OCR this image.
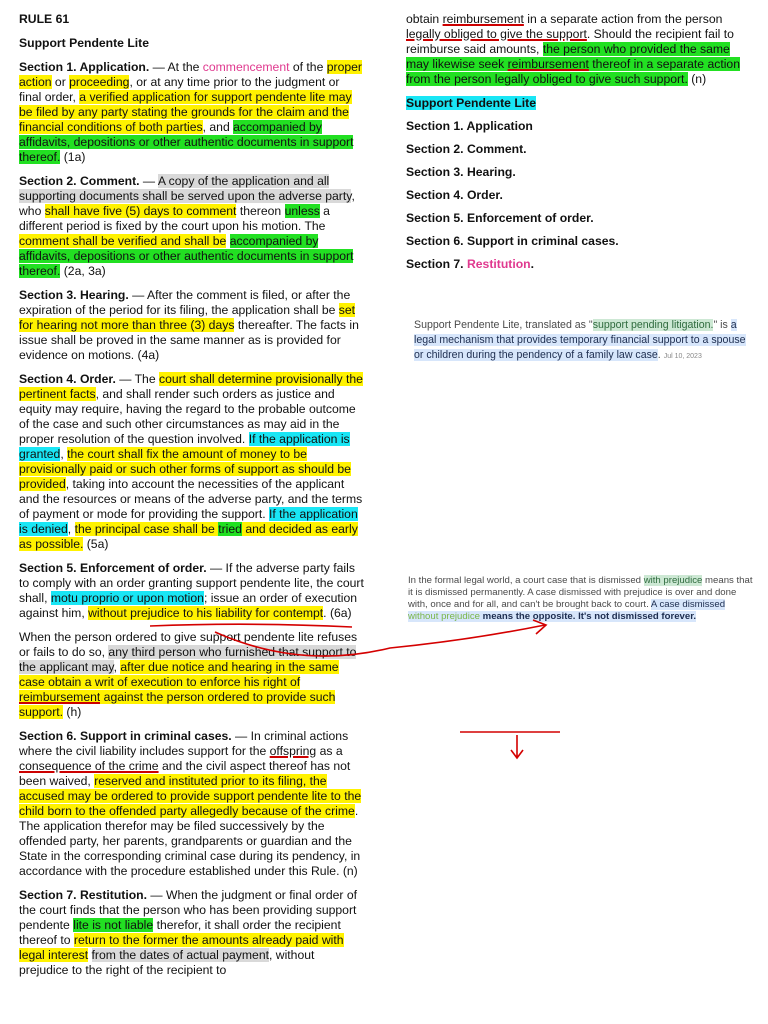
RULE 61

Support Pendente Lite

Section 1. Application. — At the commencement of the proper action or proceeding, or at any time prior to the judgment or final order, a verified application for support pendente lite may be filed by any party stating the grounds for the claim and the financial conditions of both parties, and accompanied by affidavits, depositions or other authentic documents in support thereof. (1a)

Section 2. Comment. — A copy of the application and all supporting documents shall be served upon the adverse party, who shall have five (5) days to comment thereon unless a different period is fixed by the court upon his motion. The comment shall be verified and shall be accompanied by affidavits, depositions or other authentic documents in support thereof. (2a, 3a)

Section 3. Hearing. — After the comment is filed, or after the expiration of the period for its filing, the application shall be set for hearing not more than three (3) days thereafter. The facts in issue shall be proved in the same manner as is provided for evidence on motions. (4a)

Section 4. Order. — The court shall determine provisionally the pertinent facts, and shall render such orders as justice and equity may require, having the regard to the probable outcome of the case and such other circumstances as may aid in the proper resolution of the question involved. If the application is granted, the court shall fix the amount of money to be provisionally paid or such other forms of support as should be provided, taking into account the necessities of the applicant and the resources or means of the adverse party, and the terms of payment or mode for providing the support. If the application is denied, the principal case shall be tried and decided as early as possible. (5a)

Section 5. Enforcement of order. — If the adverse party fails to comply with an order granting support pendente lite, the court shall, motu proprio or upon motion; issue an order of execution against him, without prejudice to his liability for contempt. (6a)

When the person ordered to give support pendente lite refuses or fails to do so, any third person who furnished that support to the applicant may, after due notice and hearing in the same case obtain a writ of execution to enforce his right of reimbursement against the person ordered to provide such support. (h)

Section 6. Support in criminal cases. — In criminal actions where the civil liability includes support for the offspring as a consequence of the crime and the civil aspect thereof has not been waived, reserved and instituted prior to its filing, the accused may be ordered to provide support pendente lite to the child born to the offended party allegedly because of the crime. The application therefor may be filed successively by the offended party, her parents, grandparents or guardian and the State in the corresponding criminal case during its pendency, in accordance with the procedure established under this Rule. (n)

Section 7. Restitution. — When the judgment or final order of the court finds that the person who has been providing support pendente lite is not liable therefor, it shall order the recipient thereof to return to the former the amounts already paid with legal interest from the dates of actual payment, without prejudice to the right of the recipient to

obtain reimbursement in a separate action from the person legally obliged to give the support. Should the recipient fail to reimburse said amounts, the person who provided the same may likewise seek reimbursement thereof in a separate action from the person legally obliged to give such support. (n)

Support Pendente Lite

Section 1. Application

Section 2. Comment.

Section 3. Hearing.

Section 4. Order.

Section 5. Enforcement of order.

Section 6. Support in criminal cases.

Section 7. Restitution.

Support Pendente Lite, translated as "support pending litigation." is a legal mechanism that provides temporary financial support to a spouse or children during the pendency of a family law case. Jul 10, 2023
In the formal legal world, a court case that is dismissed with prejudice means that it is dismissed permanently. A case dismissed with prejudice is over and done with, once and for all, and can't be brought back to court. A case dismissed without prejudice means the opposite. It's not dismissed forever.
